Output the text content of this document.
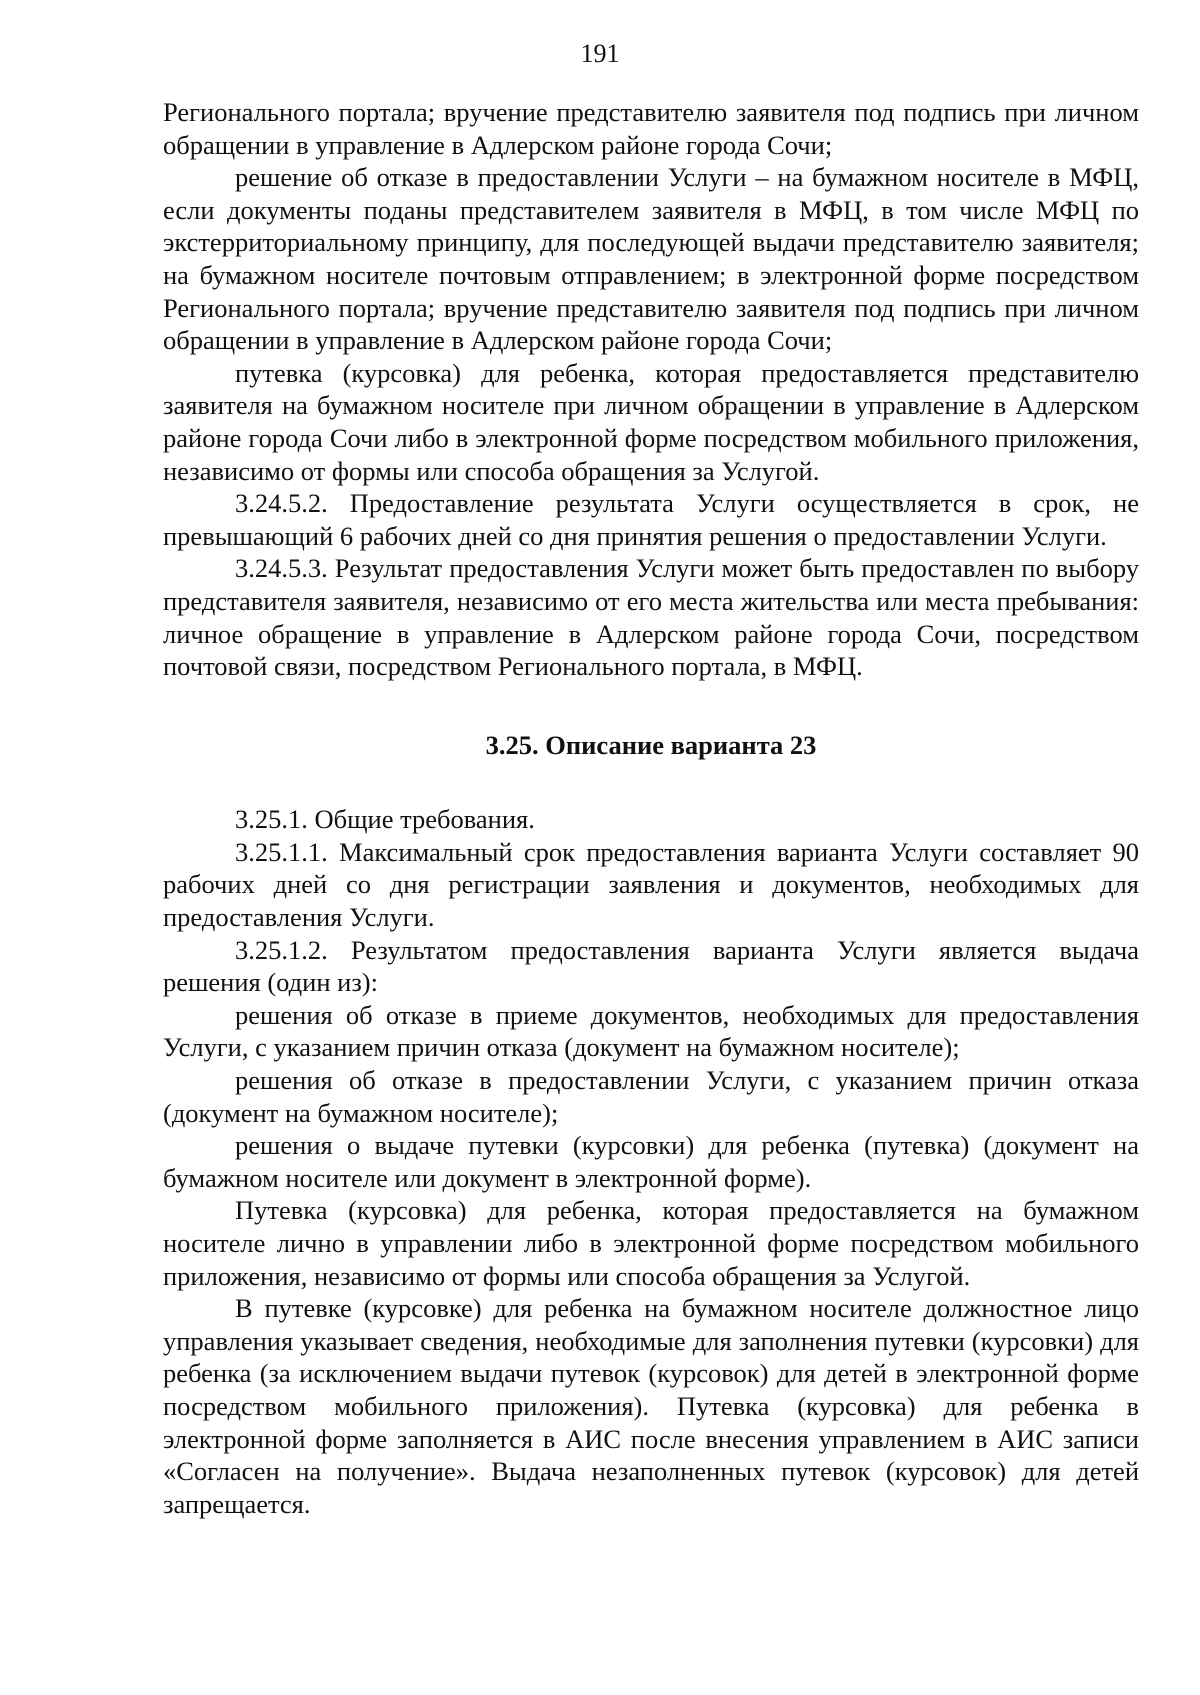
191

Регионального портала; вручение представителю заявителя под подпись при личном обращении в управление в Адлерском районе города Сочи;

решение об отказе в предоставлении Услуги – на бумажном носителе в МФЦ, если документы поданы представителем заявителя в МФЦ, в том числе МФЦ по экстерриториальному принципу, для последующей выдачи представителю заявителя; на бумажном носителе почтовым отправлением; в электронной форме посредством Регионального портала; вручение представителю заявителя под подпись при личном обращении в управление в Адлерском районе города Сочи;

путевка (курсовка) для ребенка, которая предоставляется представителю заявителя на бумажном носителе при личном обращении в управление в Адлерском районе города Сочи либо в электронной форме посредством мобильного приложения, независимо от формы или способа обращения за Услугой.

3.24.5.2. Предоставление результата Услуги осуществляется в срок, не превышающий 6 рабочих дней со дня принятия решения о предоставлении Услуги.

3.24.5.3. Результат предоставления Услуги может быть предоставлен по выбору представителя заявителя, независимо от его места жительства или места пребывания: личное обращение в управление в Адлерском районе города Сочи, посредством почтовой связи, посредством Регионального портала, в МФЦ.

3.25. Описание варианта 23

3.25.1. Общие требования.

3.25.1.1. Максимальный срок предоставления варианта Услуги составляет 90 рабочих дней со дня регистрации заявления и документов, необходимых для предоставления Услуги.

3.25.1.2. Результатом предоставления варианта Услуги является выдача решения (один из):

решения об отказе в приеме документов, необходимых для предоставления Услуги, с указанием причин отказа (документ на бумажном носителе);

решения об отказе в предоставлении Услуги, с указанием причин отказа (документ на бумажном носителе);

решения о выдаче путевки (курсовки) для ребенка (путевка) (документ на бумажном носителе или документ в электронной форме).

Путевка (курсовка) для ребенка, которая предоставляется на бумажном носителе лично в управлении либо в электронной форме посредством мобильного приложения, независимо от формы или способа обращения за Услугой.

В путевке (курсовке) для ребенка на бумажном носителе должностное лицо управления указывает сведения, необходимые для заполнения путевки (курсовки) для ребенка (за исключением выдачи путевок (курсовок) для детей в электронной форме посредством мобильного приложения). Путевка (курсовка) для ребенка в электронной форме заполняется в АИС после внесения управлением в АИС записи «Согласен на получение». Выдача незаполненных путевок (курсовок) для детей запрещается.
